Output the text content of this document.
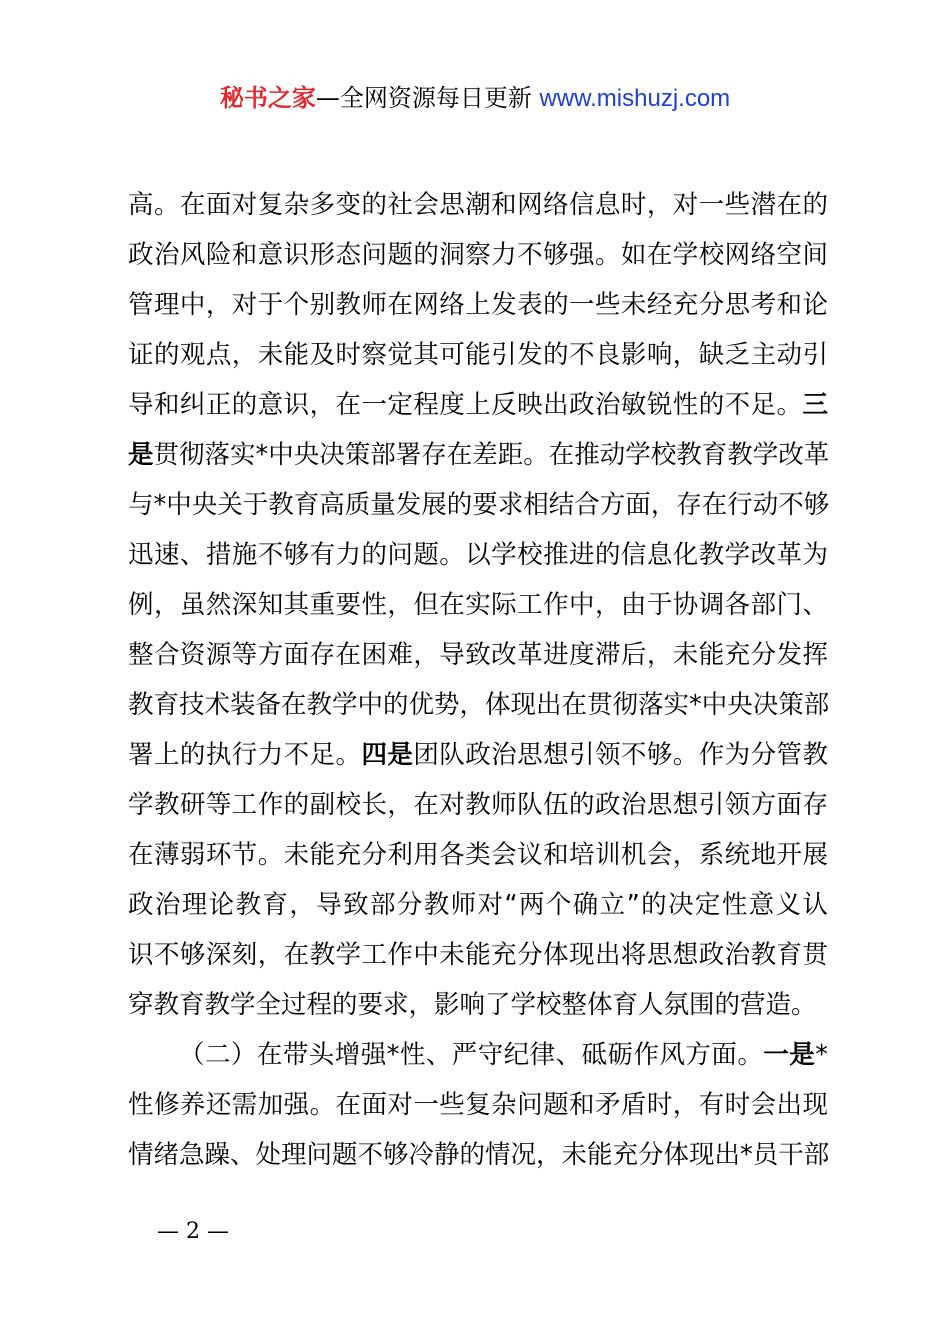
秘书之家—全网资源每日更新 www.mishuzj.com
高。在面对复杂多变的社会思潮和网络信息时，对一些潜在的
政治风险和意识形态问题的洞察力不够强。如在学校网络空间
管理中，对于个别教师在网络上发表的一些未经充分思考和论
证的观点，未能及时察觉其可能引发的不良影响，缺乏主动引
导和纠正的意识，在一定程度上反映出政治敏锐性的不足。三
是贯彻落实*中央决策部署存在差距。在推动学校教育教学改革
与*中央关于教育高质量发展的要求相结合方面，存在行动不够
迅速、措施不够有力的问题。以学校推进的信息化教学改革为
例，虽然深知其重要性，但在实际工作中，由于协调各部门、
整合资源等方面存在困难，导致改革进度滞后，未能充分发挥
教育技术装备在教学中的优势，体现出在贯彻落实*中央决策部
署上的执行力不足。四是团队政治思想引领不够。作为分管教
学教研等工作的副校长，在对教师队伍的政治思想引领方面存
在薄弱环节。未能充分利用各类会议和培训机会，系统地开展
政治理论教育，导致部分教师对“两个确立”的决定性意义认
识不够深刻，在教学工作中未能充分体现出将思想政治教育贯
穿教育教学全过程的要求，影响了学校整体育人氛围的营造。
（二）在带头增强*性、严守纪律、砥砺作风方面。一是*
性修养还需加强。在面对一些复杂问题和矛盾时，有时会出现
情绪急躁、处理问题不够冷静的情况，未能充分体现出*员干部
— 2 —
